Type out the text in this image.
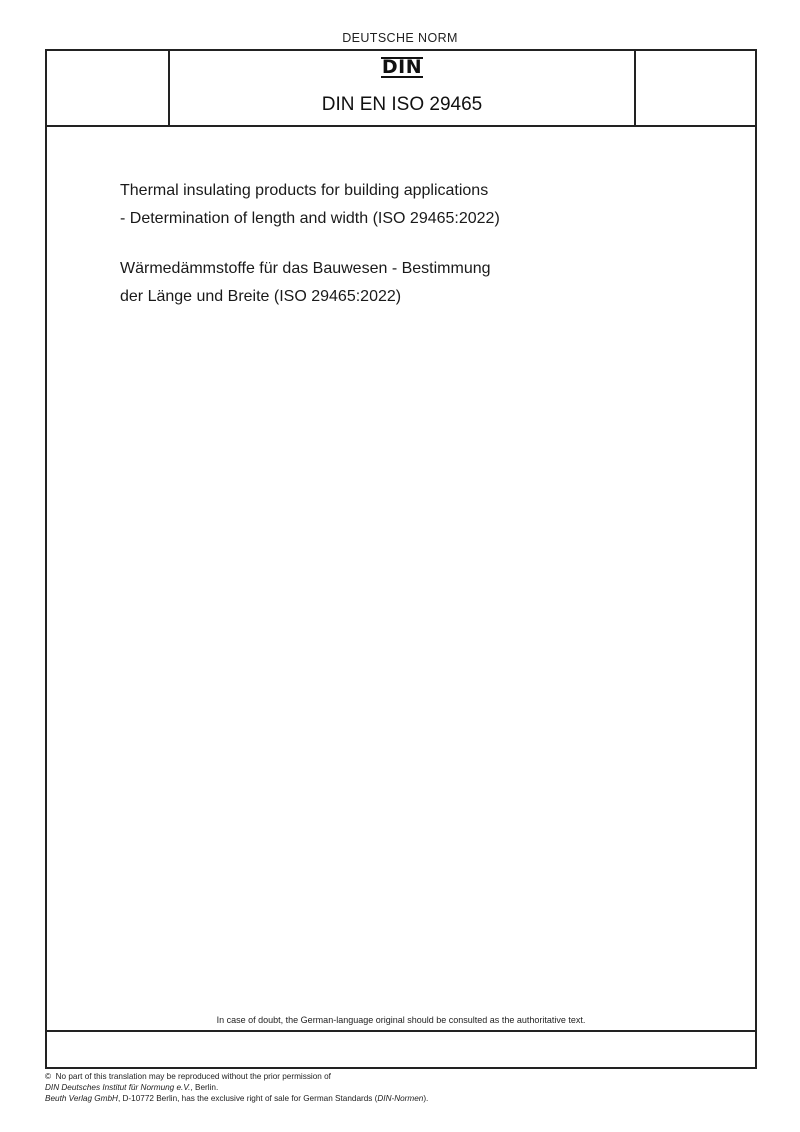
DEUTSCHE NORM
DIN
DIN EN ISO 29465
Thermal insulating products for building applications
- Determination of length and width (ISO 29465:2022)
Wärmedämmstoffe für das Bauwesen - Bestimmung
der Länge und Breite (ISO 29465:2022)
In case of doubt, the German-language original should be consulted as the authoritative text.
© No part of this translation may be reproduced without the prior permission of
DIN Deutsches Institut für Normung e.V., Berlin.
Beuth Verlag GmbH, D-10772 Berlin, has the exclusive right of sale for German Standards (DIN-Normen).
